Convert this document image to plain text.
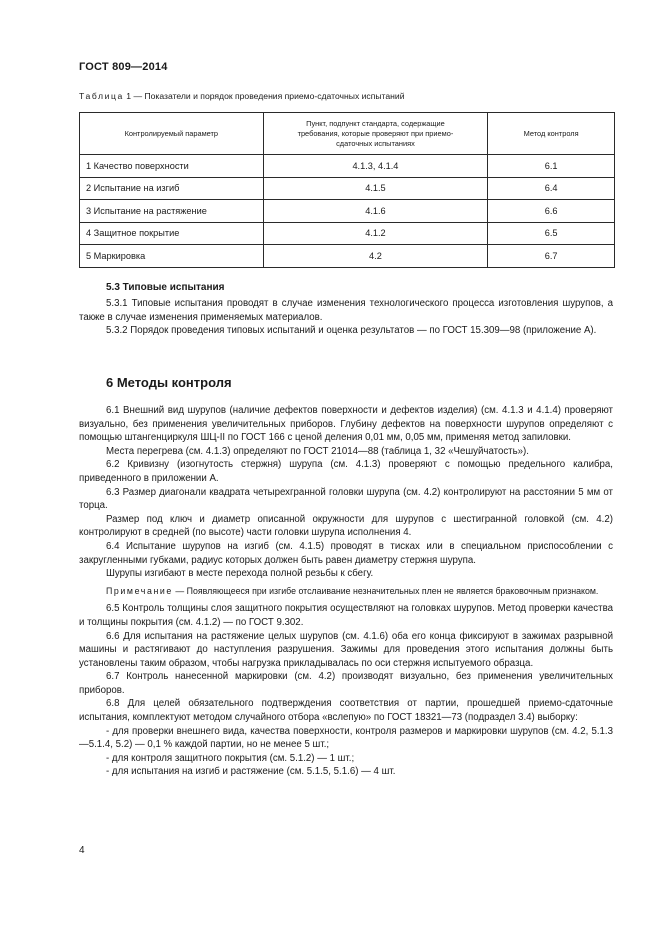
ГОСТ 809—2014
Таблица 1 — Показатели и порядок проведения приемо-сдаточных испытаний
Контролируемый параметр	Пункт, подпункт стандарта, содержащие требования, которые проверяют при приемо-сдаточных испытаниях	Метод контроля
1 Качество поверхности	4.1.3, 4.1.4	6.1
2 Испытание на изгиб	4.1.5	6.4
3 Испытание на растяжение	4.1.6	6.6
4 Защитное покрытие	4.1.2	6.5
5 Маркировка	4.2	6.7
5.3 Типовые испытания

5.3.1 Типовые испытания проводят в случае изменения технологического процесса изготовления шурупов, а также в случае изменения применяемых материалов.

5.3.2 Порядок проведения типовых испытаний и оценка результатов — по ГОСТ 15.309—98 (приложение А).

6 Методы контроля

6.1 Внешний вид шурупов (наличие дефектов поверхности и дефектов изделия) (см. 4.1.3 и 4.1.4) проверяют визуально, без применения увеличительных приборов. Глубину дефектов на поверхности шурупов определяют с помощью штангенциркуля ШЦ-II по ГОСТ 166 с ценой деления 0,01 мм, 0,05 мм, применяя метод запиловки.

Места перегрева (см. 4.1.3) определяют по ГОСТ 21014—88 (таблица 1, 32 «Чешуйчатость»).

6.2 Кривизну (изогнутость стержня) шурупа (см. 4.1.3) проверяют с помощью предельного калибра, приведенного в приложении А.

6.3 Размер диагонали квадрата четырехгранной головки шурупа (см. 4.2) контролируют на расстоянии 5 мм от торца.

Размер под ключ и диаметр описанной окружности для шурупов с шестигранной головкой (см. 4.2) контролируют в средней (по высоте) части головки шурупа исполнения 4.

6.4 Испытание шурупов на изгиб (см. 4.1.5) проводят в тисках или в специальном приспособлении с закругленными губками, радиус которых должен быть равен диаметру стержня шурупа.

Шурупы изгибают в месте перехода полной резьбы к сбегу.

Примечание — Появляющееся при изгибе отслаивание незначительных плен не является браковочным признаком.

6.5 Контроль толщины слоя защитного покрытия осуществляют на головках шурупов. Метод проверки качества и толщины покрытия (см. 4.1.2) — по ГОСТ 9.302.

6.6 Для испытания на растяжение целых шурупов (см. 4.1.6) оба его конца фиксируют в зажимах разрывной машины и растягивают до наступления разрушения. Зажимы для проведения этого испытания должны быть установлены таким образом, чтобы нагрузка прикладывалась по оси стержня испытуемого образца.

6.7 Контроль нанесенной маркировки (см. 4.2) производят визуально, без применения увеличительных приборов.

6.8 Для целей обязательного подтверждения соответствия от партии, прошедшей приемо-сдаточные испытания, комплектуют методом случайного отбора «вслепую» по ГОСТ 18321—73 (подраздел 3.4) выборку:

- для проверки внешнего вида, качества поверхности, контроля размеров и маркировки шурупов (см. 4.2, 5.1.3—5.1.4, 5.2) — 0,1 % каждой партии, но не менее 5 шт.;

- для контроля защитного покрытия (см. 5.1.2) — 1 шт.;

- для испытания на изгиб и растяжение (см. 5.1.5, 5.1.6) — 4 шт.

4
